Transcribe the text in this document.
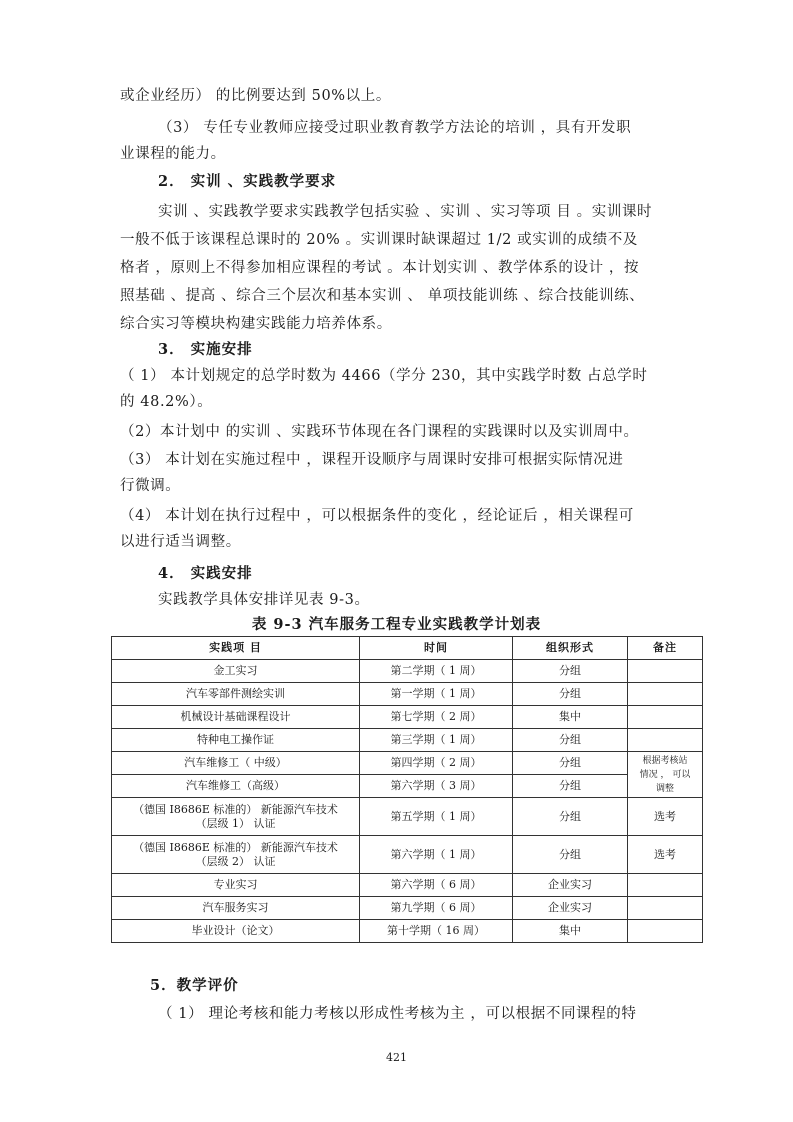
或企业经历） 的比例要达到 50%以上。
（3） 专任专业教师应接受过职业教育教学方法论的培训 ，具有开发职
业课程的能力。
2． 实训 、实践教学要求
实训 、实践教学要求实践教学包括实验 、实训 、实习等项 目 。实训课时
一般不低于该课程总课时的 20% 。实训课时缺课超过 1/2 或实训的成绩不及
格者 ，原则上不得参加相应课程的考试 。本计划实训 、教学体系的设计 ，按
照基础 、提高 、综合三个层次和基本实训 、 单项技能训练 、综合技能训练、
综合实习等模块构建实践能力培养体系。
3． 实施安排
（ 1） 本计划规定的总学时数为 4466（学分 230，其中实践学时数 占总学时
的 48.2%）。
（2）本计划中 的实训 、实践环节体现在各门课程的实践课时以及实训周中。
（3） 本计划在实施过程中 ，课程开设顺序与周课时安排可根据实际情况进
行微调。
（4） 本计划在执行过程中 ，可以根据条件的变化 ，经论证后 ，相关课程可
以进行适当调整。
4． 实践安排
实践教学具体安排详见表 9-3。
表 9-3 汽车服务工程专业实践教学计划表
实践项 目	时间	组织形式	备注
金工实习	第二学期（ 1 周）	分组	
汽车零部件测绘实训	第一学期（ 1 周）	分组	
机械设计基础课程设计	第七学期（ 2 周）	集中	
特种电工操作证	第三学期（ 1 周）	分组	
汽车维修工（ 中级）	第四学期（ 2 周）	分组	根据考核站
情况 ， 可以
调整

汽车维修工（高级）	第六学期（ 3 周）	分组	

（德国 I8686E 标准的） 新能源汽车技术
（层级 1） 认证	第五学期（ 1 周）	分组	选考

（德国 I8686E 标准的） 新能源汽车技术
（层级 2） 认证	第六学期（ 1 周）	分组	选考
专业实习	第六学期（ 6 周）	企业实习	
汽车服务实习	第九学期（ 6 周）	企业实习	
毕业设计（论文）	第十学期（ 16 周）	集中	
5．教学评价
（ 1） 理论考核和能力考核以形成性考核为主 ，可以根据不同课程的特
421
